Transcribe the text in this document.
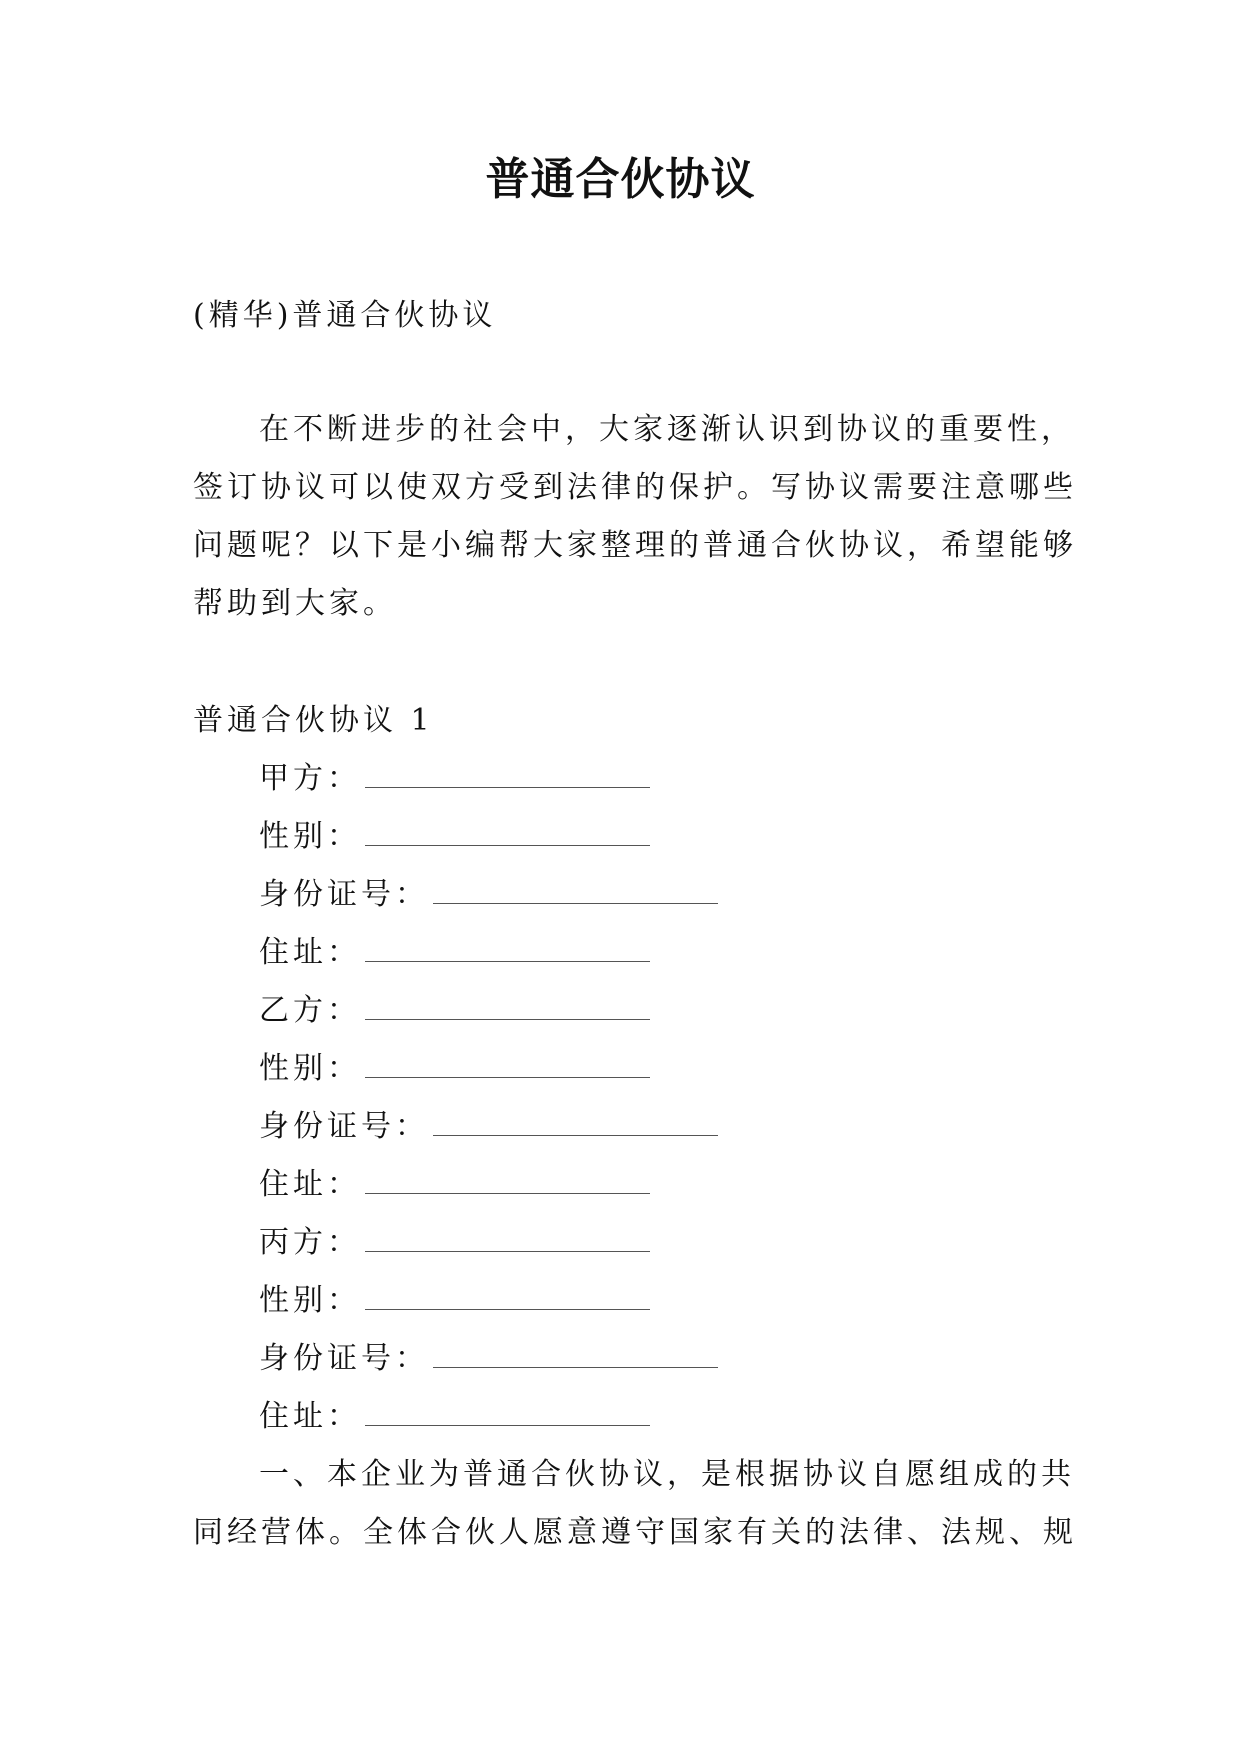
普通合伙协议

(精华)普通合伙协议

在不断进步的社会中，大家逐渐认识到协议的重要性，

签订协议可以使双方受到法律的保护。写协议需要注意哪些

问题呢？以下是小编帮大家整理的普通合伙协议，希望能够

帮助到大家。

普通合伙协议 1

甲方：

性别：

身份证号：

住址：

乙方：

性别：

身份证号：

住址：

丙方：

性别：

身份证号：

住址：

一、本企业为普通合伙协议，是根据协议自愿组成的共

同经营体。全体合伙人愿意遵守国家有关的法律、法规、规
